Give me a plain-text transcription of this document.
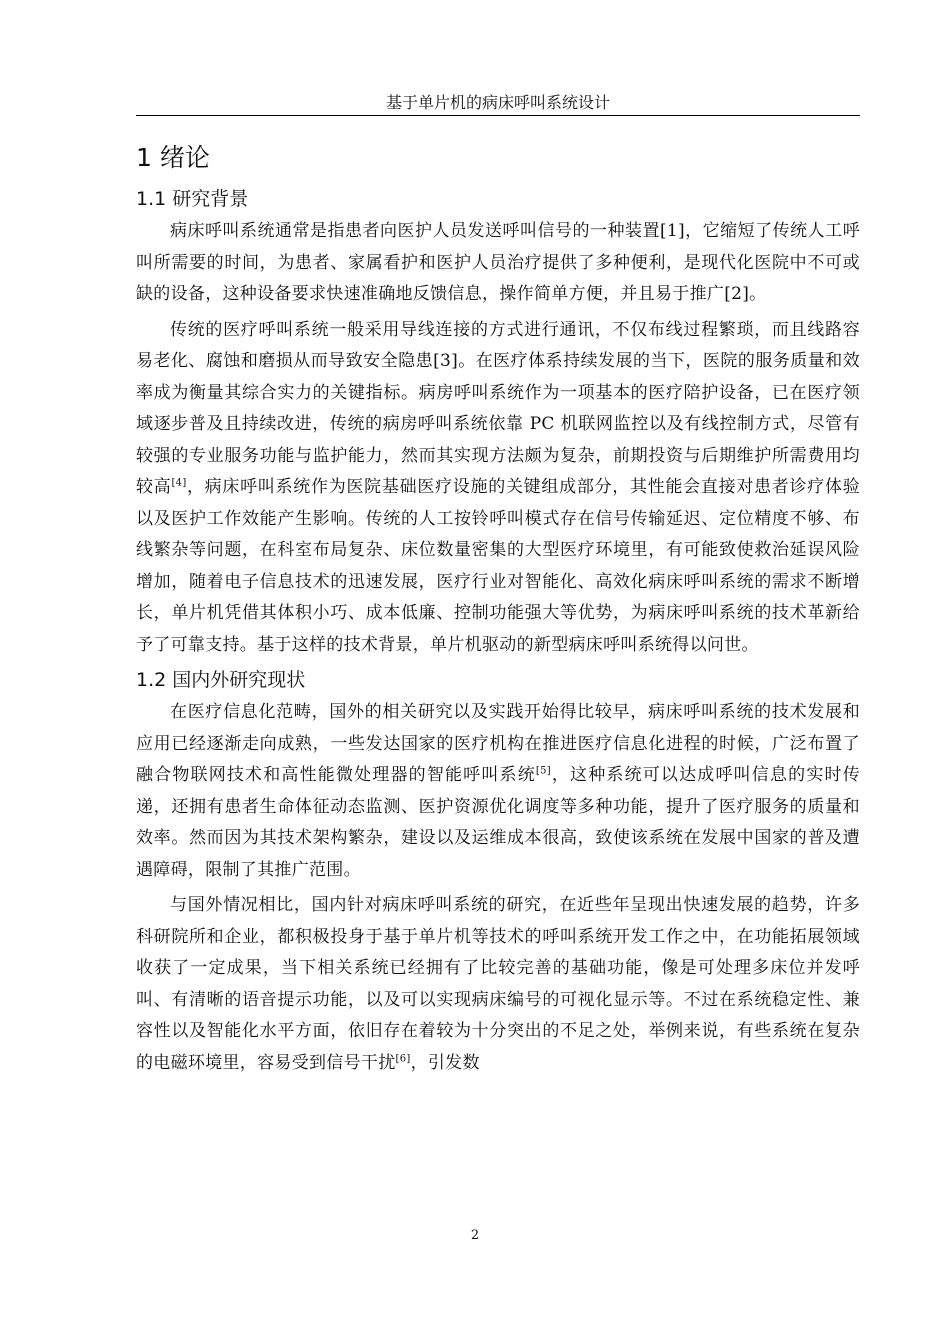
基于单片机的病床呼叫系统设计
1 绪论
1.1 研究背景

病床呼叫系统通常是指患者向医护人员发送呼叫信号的一种装置[1]，它缩短了传统人工呼叫所需要的时间，为患者、家属看护和医护人员治疗提供了多种便利，是现代化医院中不可或缺的设备，这种设备要求快速准确地反馈信息，操作简单方便，并且易于推广[2]。

传统的医疗呼叫系统一般采用导线连接的方式进行通讯，不仅布线过程繁琐，而且线路容易老化、腐蚀和磨损从而导致安全隐患[3]。在医疗体系持续发展的当下，医院的服务质量和效率成为衡量其综合实力的关键指标。病房呼叫系统作为一项基本的医疗陪护设备，已在医疗领域逐步普及且持续改进，传统的病房呼叫系统依靠 PC 机联网监控以及有线控制方式，尽管有较强的专业服务功能与监护能力，然而其实现方法颇为复杂，前期投资与后期维护所需费用均较高[4]，病床呼叫系统作为医院基础医疗设施的关键组成部分，其性能会直接对患者诊疗体验以及医护工作效能产生影响。传统的人工按铃呼叫模式存在信号传输延迟、定位精度不够、布线繁杂等问题，在科室布局复杂、床位数量密集的大型医疗环境里，有可能致使救治延误风险增加，随着电子信息技术的迅速发展，医疗行业对智能化、高效化病床呼叫系统的需求不断增长，单片机凭借其体积小巧、成本低廉、控制功能强大等优势，为病床呼叫系统的技术革新给予了可靠支持。基于这样的技术背景，单片机驱动的新型病床呼叫系统得以问世。

1.2 国内外研究现状

在医疗信息化范畴，国外的相关研究以及实践开始得比较早，病床呼叫系统的技术发展和应用已经逐渐走向成熟，一些发达国家的医疗机构在推进医疗信息化进程的时候，广泛布置了融合物联网技术和高性能微处理器的智能呼叫系统[5]，这种系统可以达成呼叫信息的实时传递，还拥有患者生命体征动态监测、医护资源优化调度等多种功能，提升了医疗服务的质量和效率。然而因为其技术架构繁杂，建设以及运维成本很高，致使该系统在发展中国家的普及遭遇障碍，限制了其推广范围。

与国外情况相比，国内针对病床呼叫系统的研究，在近些年呈现出快速发展的趋势，许多科研院所和企业，都积极投身于基于单片机等技术的呼叫系统开发工作之中，在功能拓展领域收获了一定成果，当下相关系统已经拥有了比较完善的基础功能，像是可处理多床位并发呼叫、有清晰的语音提示功能，以及可以实现病床编号的可视化显示等。不过在系统稳定性、兼容性以及智能化水平方面，依旧存在着较为十分突出的不足之处，举例来说，有些系统在复杂的电磁环境里，容易受到信号干扰[6]，引发数

2
